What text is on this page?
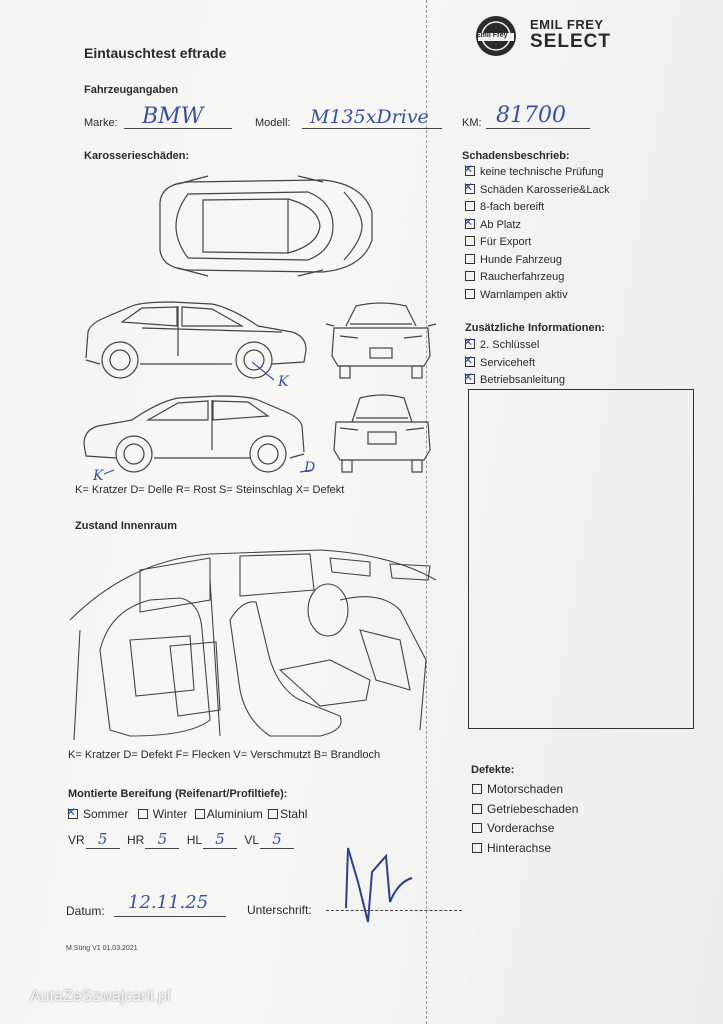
Eintauschtest eftrade
Emil Frey
EMIL FREY
SELECT
Fahrzeugangaben
Marke: BMW	Modell: M135xDrive	KM: 81700
Karosserieschäden:
K
K	D
K= Kratzer D= Delle R= Rost S= Steinschlag X= Defekt
Schadensbeschrieb:
✕keine technische Prüfung
✕Schäden Karosserie&Lack
8-fach bereift
✕Ab Platz
Für Export
Hunde Fahrzeug
Raucherfahrzeug
Warnlampen aktiv
Zusätzliche Informationen:
✕2. Schlüssel
✕Serviceheft
✕Betriebsanleitung
Zustand Innenraum
K= Kratzer D= Defekt F= Flecken V= Verschmutzt B= Brandloch
Montierte Bereifung (Reifenart/Profiltiefe):
✕Sommer Winter Aluminium Stahl
VR 5 HR 5 HL 5 VL 5
Defekte:
Motorschaden
Getriebeschaden
Vorderachse
Hinterachse
Datum: 12.11.25	Unterschrift:
M.Süng V1 01.03.2021
AutaZeSzwajcarii.pl
